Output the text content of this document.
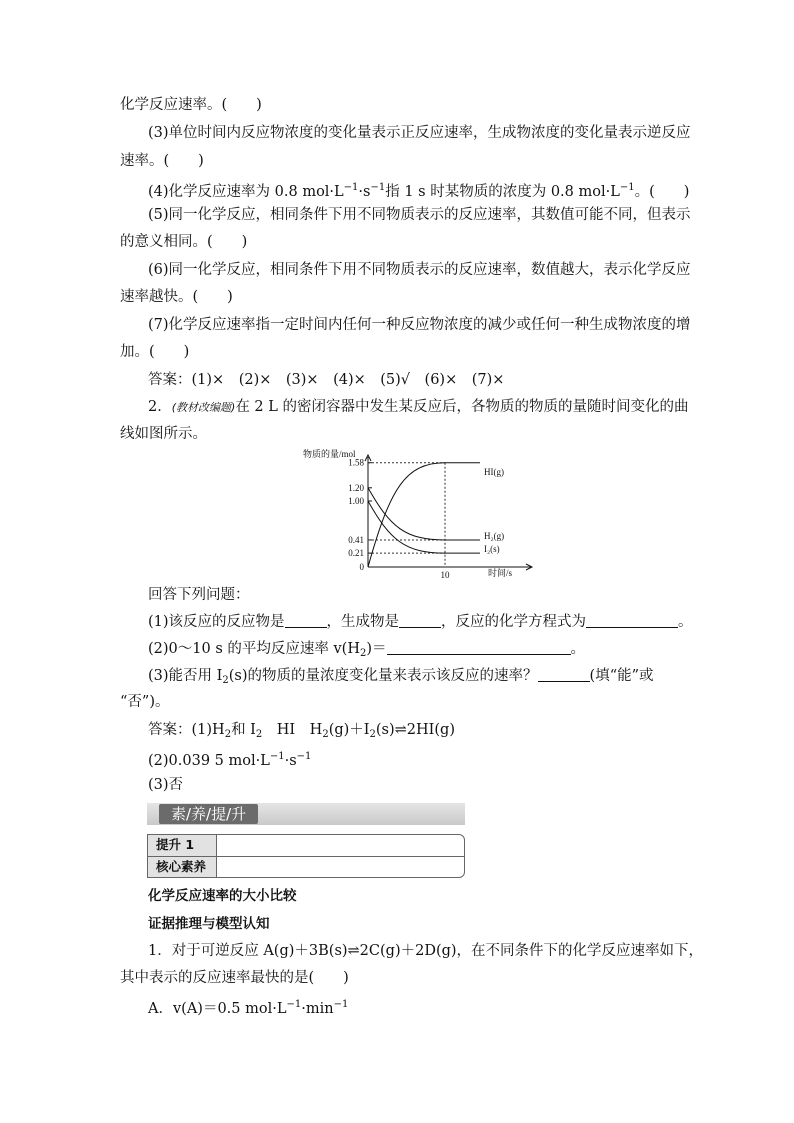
化学反应速率。(　　)
(3)单位时间内反应物浓度的变化量表示正反应速率，生成物浓度的变化量表示逆反应
速率。(　　)
(4)化学反应速率为 0.8 $mol\cdot L^{-1}\cdot s^{-1}$指 1 s 时某物质的浓度为 0.8 $mol\cdot L^{-1}$。(　　)
(5)同一化学反应，相同条件下用不同物质表示的反应速率，其数值可能不同，但表示
的意义相同。(　　)
(6)同一化学反应，相同条件下用不同物质表示的反应速率，数值越大，表示化学反应
速率越快。(　　)
(7)化学反应速率指一定时间内任何一种反应物浓度的减少或任何一种生成物浓度的增
加。(　　)
答案：(1)×　(2)×　(3)×　(4)×　(5)√　(6)×　(7)×
2．(教材改编题)在 2 L 的密闭容器中发生某反应后，各物质的物质的量随时间变化的曲
线如图所示。
物质的量/mol
时间/s
1.58
1.20
1.00
0.41
0.21
0
10
HI(g)
H₂(g)
I₂(s)
回答下列问题：
(1)该反应的反应物是	，生成物是	，反应的化学方程式为	。
(2)0～10 s 的平均反应速率 $v(H_2)=$	。
(3)能否用 $I_2(s)$的物质的量浓度变化量来表示该反应的速率？	(填“能”或
“否”)。
答案：$(1)H_2$和 $I_2$　HI　$H_2(g)+I_2(s)\rightleftharpoons 2HI(g)$
(2)0.039 5 $mol\cdot L^{-1}\cdot s^{-1}$
(3)否
素/养/提/升
提升 1
核心素养
化学反应速率的大小比较
证据推理与模型认知
1．对于可逆反应 A(g)＋3B(s)⇌2C(g)＋2D(g)，在不同条件下的化学反应速率如下，
其中表示的反应速率最快的是(　　)
A．v(A)＝0.5 $mol\cdot L^{-1}\cdot\min^{-1}$
